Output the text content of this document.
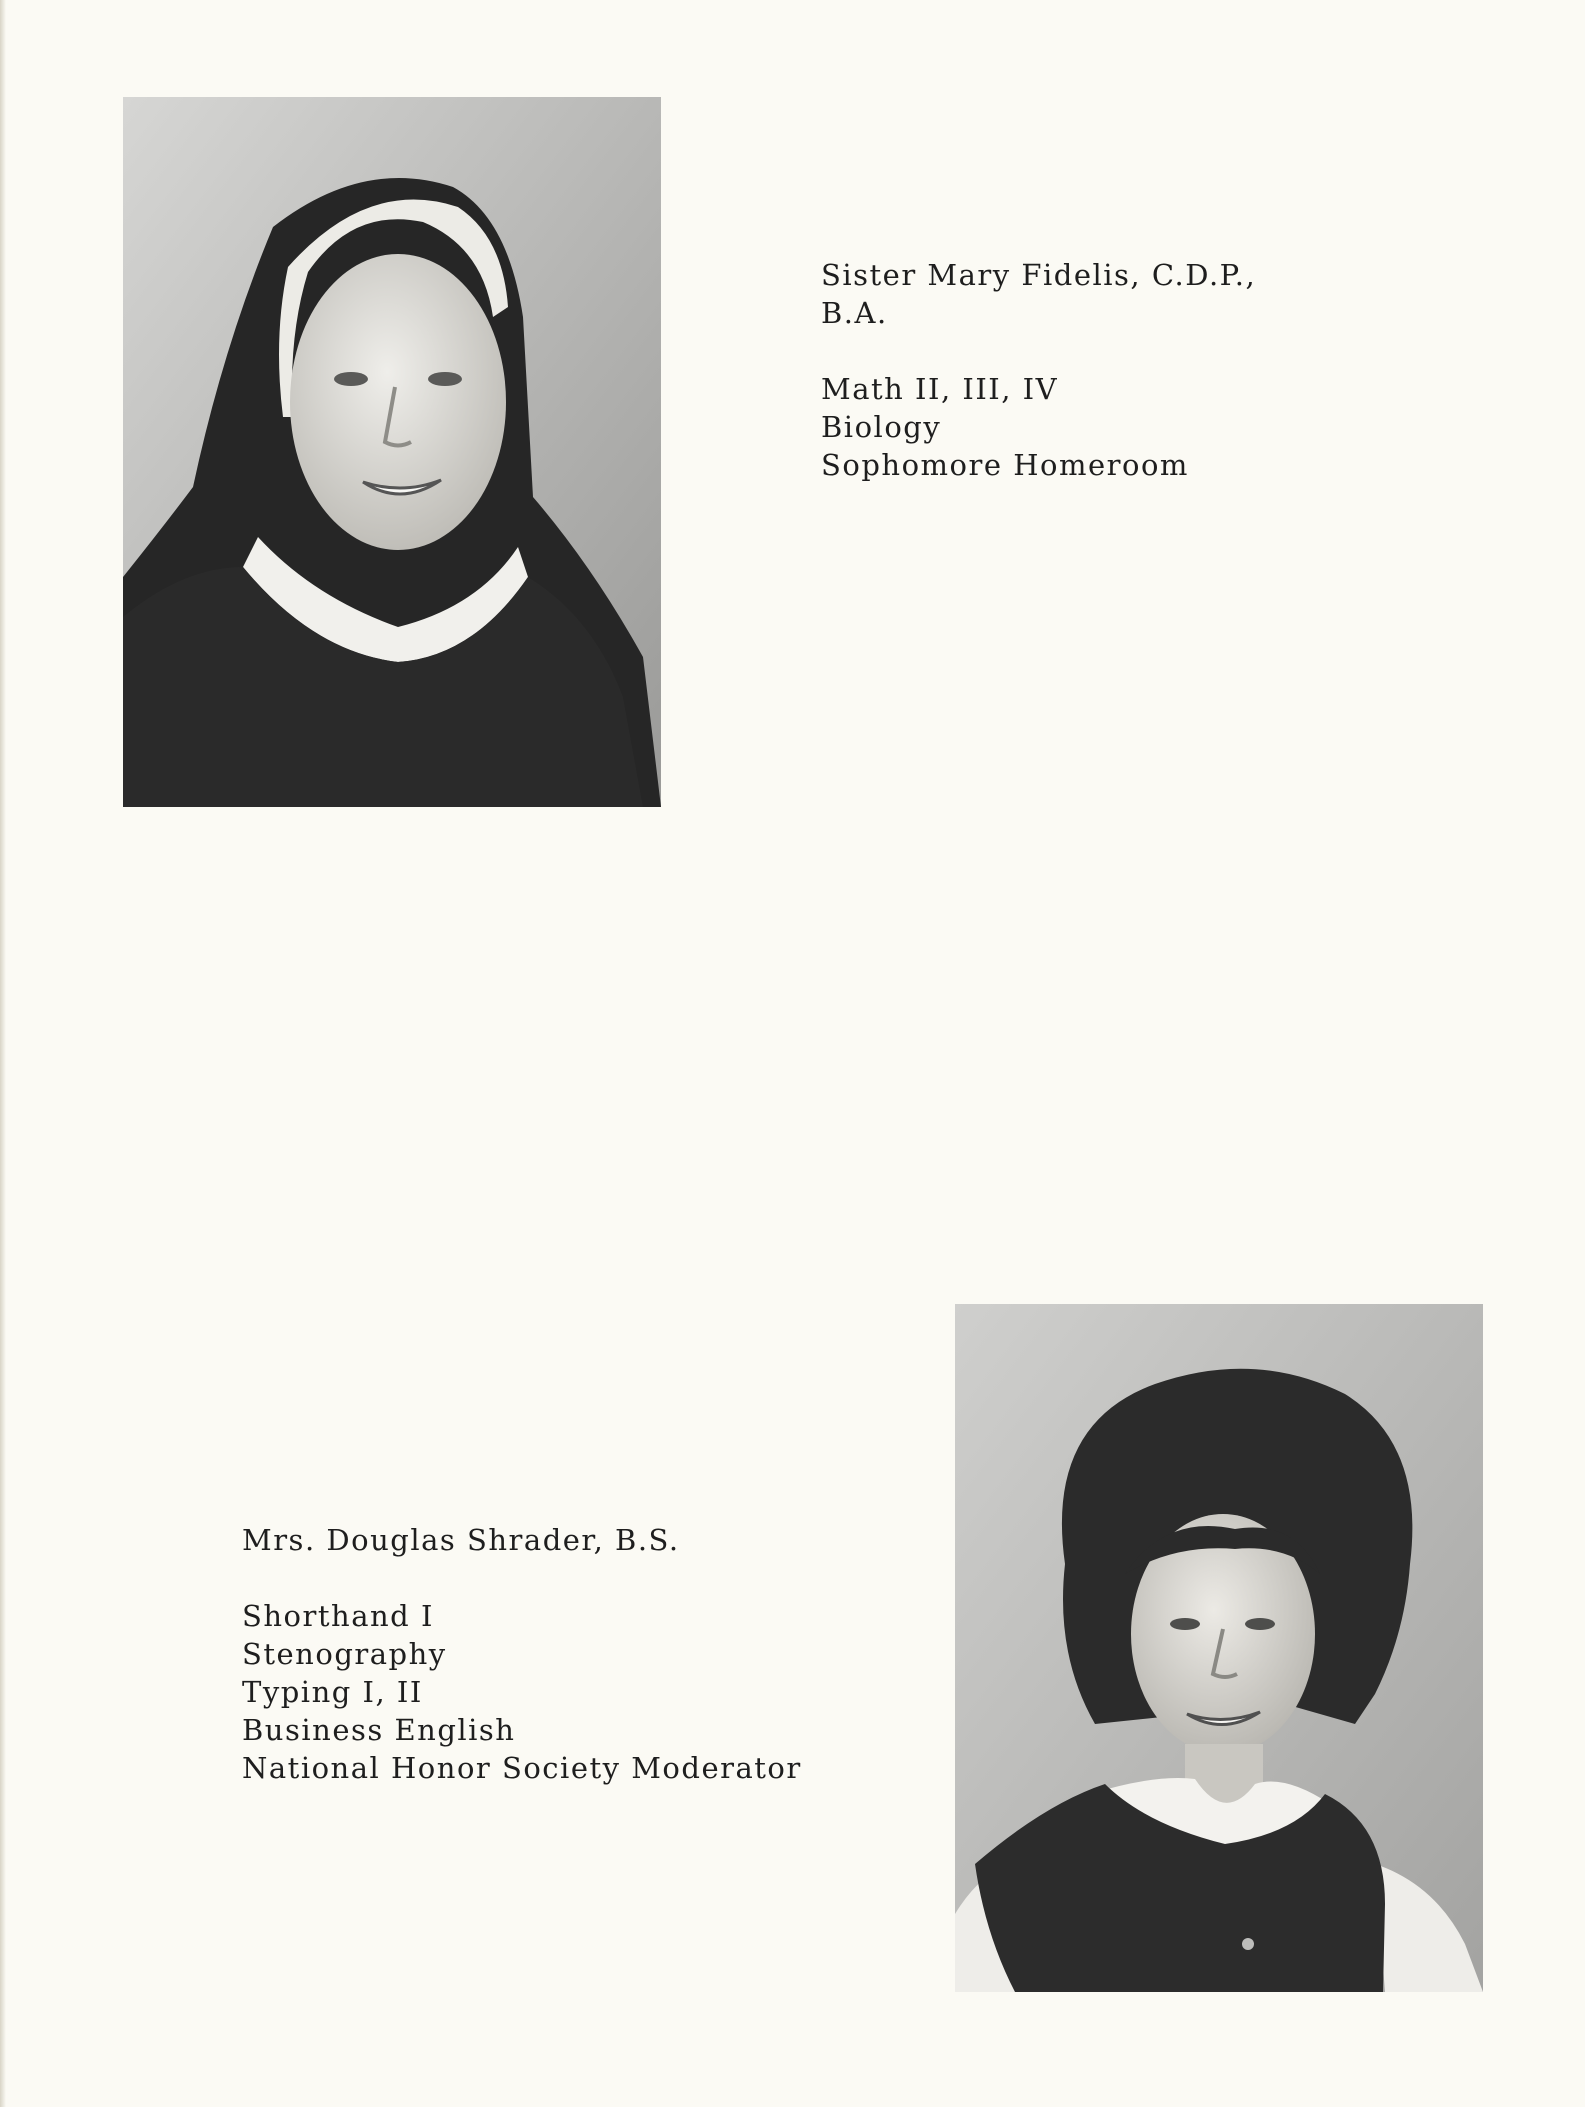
Sister Mary Fidelis, C.D.P.,
B.A.
Math II, III, IV
Biology
Sophomore Homeroom
Mrs. Douglas Shrader, B.S.
Shorthand I
Stenography
Typing I, II
Business English
National Honor Society Moderator
